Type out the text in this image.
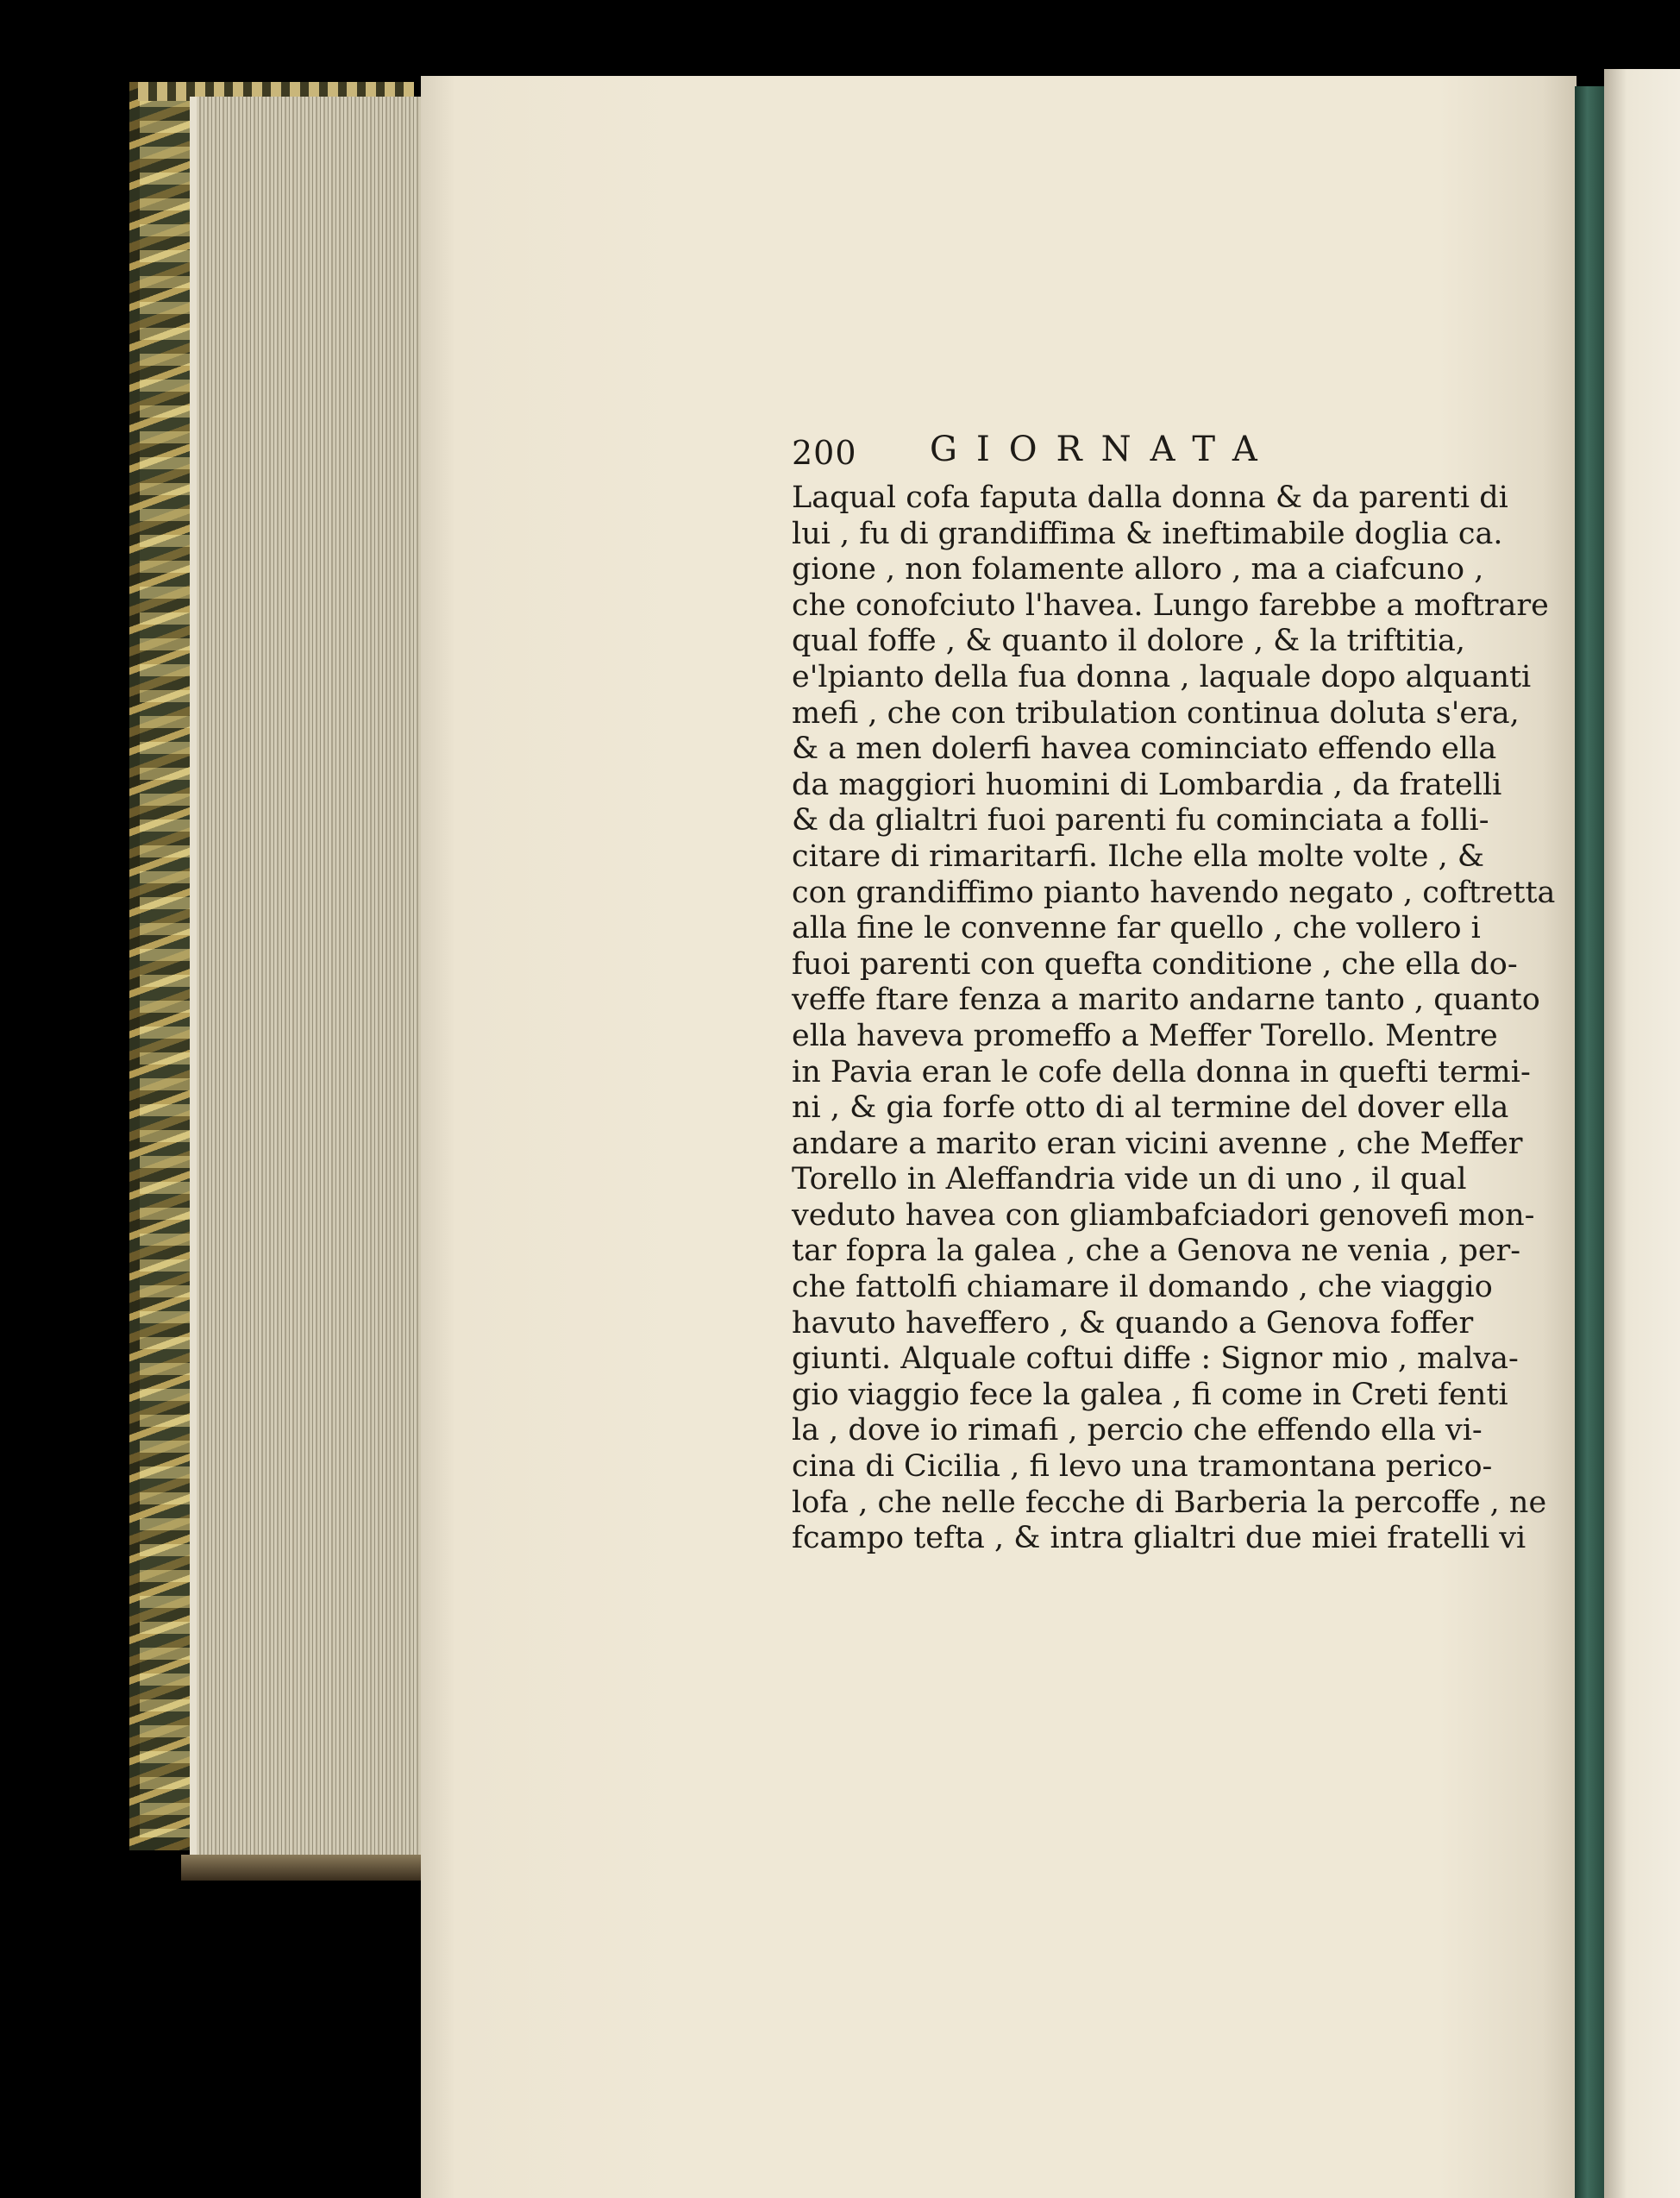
200 GIORNATA
Laqual cofa faputa dalla donna & da parenti di
lui , fu di grandiffima & ineftimabile doglia ca.
gione , non folamente alloro , ma a ciafcuno ,
che conofciuto l'havea. Lungo farebbe a moftrare
qual foffe , & quanto il dolore , & la triftitia,
e'lpianto della fua donna , laquale dopo alquanti
mefi , che con tribulation continua doluta s'era,
& a men dolerfi havea cominciato effendo ella
da maggiori huomini di Lombardia , da fratelli
& da glialtri fuoi parenti fu cominciata a folli-
citare di rimaritarfi. Ilche ella molte volte , &
con grandiffimo pianto havendo negato , coftretta
alla fine le convenne far quello , che vollero i
fuoi parenti con quefta conditione , che ella do-
veffe ftare fenza a marito andarne tanto , quanto
ella haveva promeffo a Meffer Torello. Mentre
in Pavia eran le cofe della donna in quefti termi-
ni , & gia forfe otto di al termine del dover ella
andare a marito eran vicini avenne , che Meffer
Torello in Aleffandria vide un di uno , il qual
veduto havea con gliambafciadori genovefi mon-
tar fopra la galea , che a Genova ne venia , per-
che fattolfi chiamare il domando , che viaggio
havuto haveffero , & quando a Genova foffer
giunti. Alquale coftui diffe : Signor mio , malva-
gio viaggio fece la galea , fi come in Creti fenti
la , dove io rimafi , percio che effendo ella vi-
cina di Cicilia , fi levo una tramontana perico-
lofa , che nelle fecche di Barberia la percoffe , ne
fcampo tefta , & intra glialtri due miei fratelli vi
